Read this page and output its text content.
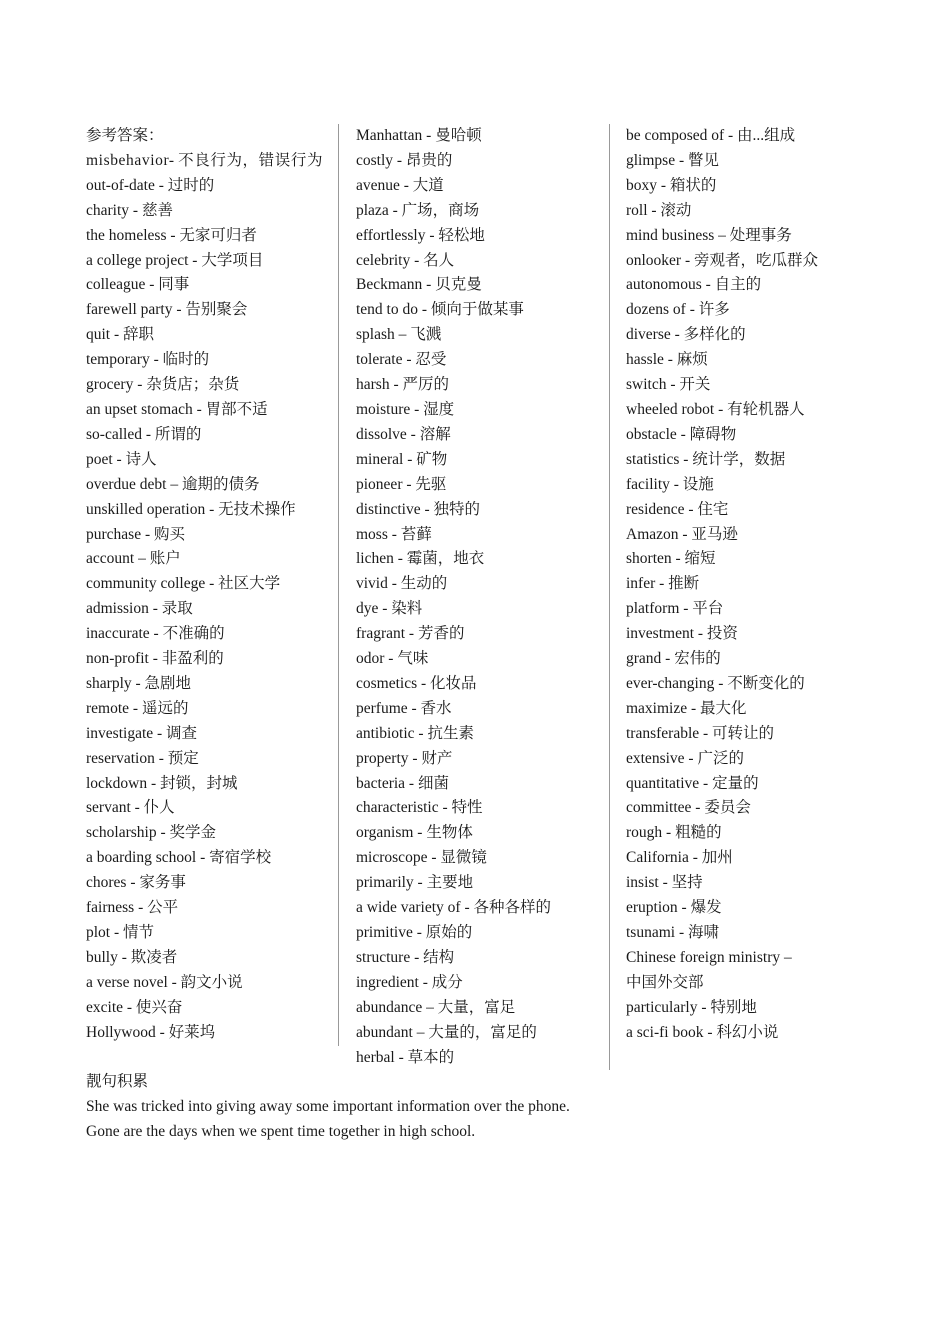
参考答案：
misbehavior- 不良行为，错误行为
out-of-date - 过时的
charity - 慈善
the homeless - 无家可归者
a college project - 大学项目
colleague - 同事
farewell party - 告别聚会
quit - 辞职
temporary - 临时的
grocery - 杂货店；杂货
an upset stomach - 胃部不适
so-called - 所谓的
poet - 诗人
overdue debt – 逾期的债务
unskilled operation - 无技术操作
purchase - 购买
account – 账户
community college - 社区大学
admission - 录取
inaccurate - 不准确的
non-profit - 非盈利的
sharply - 急剧地
remote - 遥远的
investigate - 调查
reservation - 预定
lockdown - 封锁，封城
servant - 仆人
scholarship - 奖学金
a boarding school - 寄宿学校
chores - 家务事
fairness - 公平
plot - 情节
bully - 欺凌者
a verse novel - 韵文小说
excite - 使兴奋
Hollywood - 好莱坞
Manhattan - 曼哈顿
costly - 昂贵的
avenue - 大道
plaza - 广场，商场
effortlessly - 轻松地
celebrity - 名人
Beckmann - 贝克曼
tend to do - 倾向于做某事
splash – 飞溅
tolerate - 忍受
harsh - 严厉的
moisture - 湿度
dissolve - 溶解
mineral - 矿物
pioneer - 先驱
distinctive - 独特的
moss - 苔藓
lichen - 霉菌，地衣
vivid - 生动的
dye - 染料
fragrant - 芳香的
odor - 气味
cosmetics - 化妆品
perfume - 香水
antibiotic - 抗生素
property - 财产
bacteria - 细菌
characteristic - 特性
organism - 生物体
microscope - 显微镜
primarily - 主要地
a wide variety of - 各种各样的
primitive - 原始的
structure - 结构
ingredient - 成分
abundance – 大量，富足
abundant – 大量的，富足的
herbal - 草本的
be composed of - 由...组成
glimpse - 瞥见
boxy - 箱状的
roll - 滚动
mind business – 处理事务
onlooker - 旁观者，吃瓜群众
autonomous - 自主的
dozens of - 许多
diverse - 多样化的
hassle - 麻烦
switch - 开关
wheeled robot - 有轮机器人
obstacle - 障碍物
statistics - 统计学，数据
facility - 设施
residence - 住宅
Amazon - 亚马逊
shorten - 缩短
infer - 推断
platform - 平台
investment - 投资
grand - 宏伟的
ever-changing - 不断变化的
maximize - 最大化
transferable - 可转让的
extensive - 广泛的
quantitative - 定量的
committee - 委员会
rough - 粗糙的
California - 加州
insist - 坚持
eruption - 爆发
tsunami - 海啸
Chinese foreign ministry –
中国外交部
particularly - 特别地
a sci-fi book - 科幻小说
靓句积累
She was tricked into giving away some important information over the phone.
Gone are the days when we spent time together in high school.
